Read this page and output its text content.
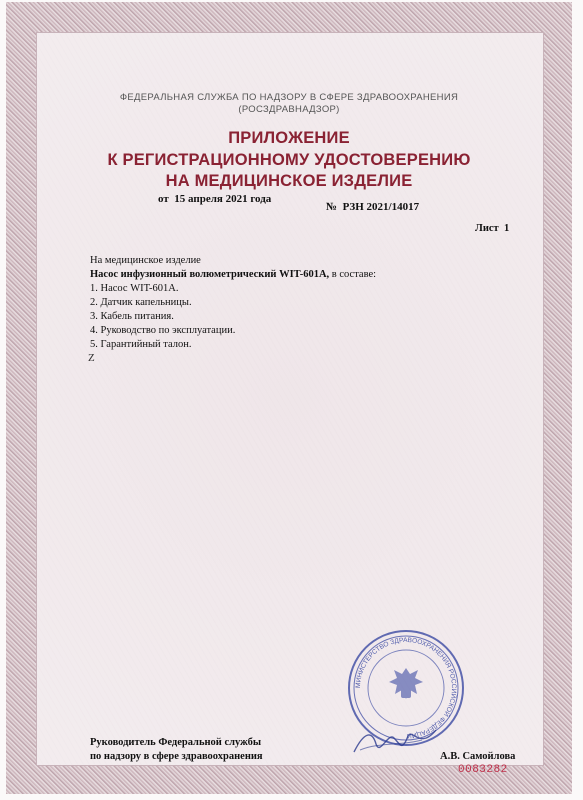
ФЕДЕРАЛЬНАЯ СЛУЖБА ПО НАДЗОРУ В СФЕРЕ ЗДРАВООХРАНЕНИЯ
(РОСЗДРАВНАДЗОР)
ПРИЛОЖЕНИЕ
К РЕГИСТРАЦИОННОМУ УДОСТОВЕРЕНИЮ
НА МЕДИЦИНСКОЕ ИЗДЕЛИЕ
от 15 апреля 2021 года
№ РЗН 2021/14017
Лист 1
На медицинское изделие
Насос инфузионный волюметрический WIT-601A, в составе:
1. Насос WIT-601A.
2. Датчик капельницы.
3. Кабель питания.
4. Руководство по эксплуатации.
5. Гарантийный талон.
Z
МИНИСТЕРСТВО ЗДРАВООХРАНЕНИЯ РОССИЙСКОЙ ФЕДЕРАЦИИ
Руководитель Федеральной службы
по надзору в сфере здравоохранения	А.В. Самойлова
0083282
